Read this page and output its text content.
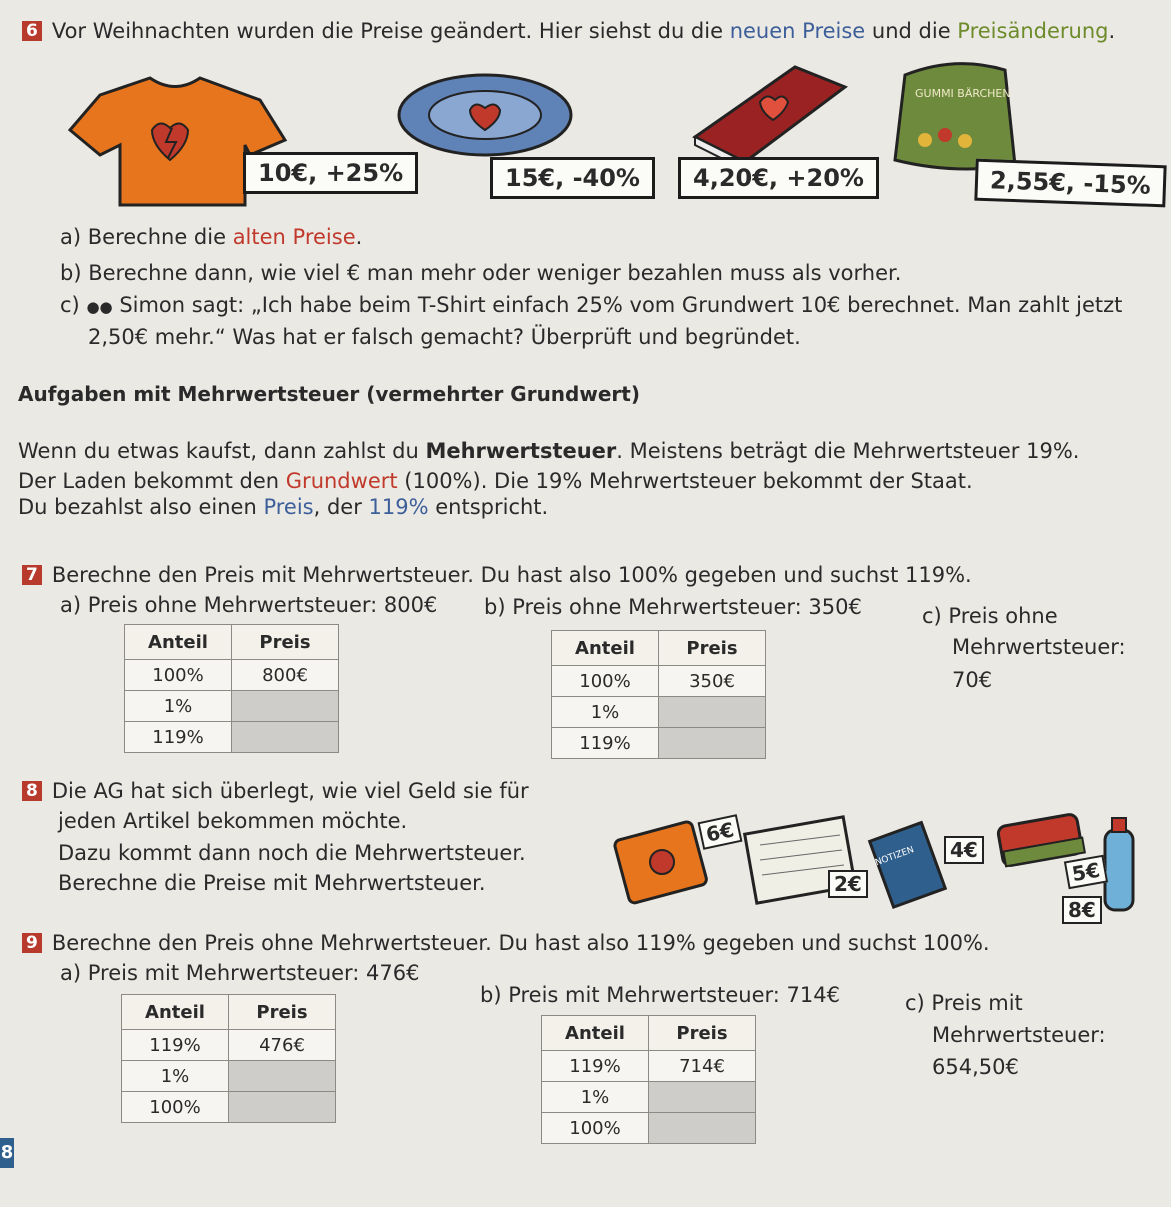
6 Vor Weihnachten wurden die Preise geändert. Hier siehst du die neuen Preise und die Preisänderung.
10€, +25%	15€, -40%	4,20€, +20%
GUMMI BÄRCHEN
2,55€, -15%
a) Berechne die alten Preise.
b) Berechne dann, wie viel € man mehr oder weniger bezahlen muss als vorher.
c) ●● Simon sagt: „Ich habe beim T-Shirt einfach 25% vom Grundwert 10€ berechnet. Man zahlt jetzt
2,50€ mehr.“ Was hat er falsch gemacht? Überprüft und begründet.
Aufgaben mit Mehrwertsteuer (vermehrter Grundwert)
Wenn du etwas kaufst, dann zahlst du Mehrwertsteuer. Meistens beträgt die Mehrwertsteuer 19%.
Der Laden bekommt den Grundwert (100%). Die 19% Mehrwertsteuer bekommt der Staat.
Du bezahlst also einen Preis, der 119% entspricht.
7 Berechne den Preis mit Mehrwertsteuer. Du hast also 100% gegeben und suchst 119%.
a) Preis ohne Mehrwertsteuer: 800€ b) Preis ohne Mehrwertsteuer: 350€	c) Preis ohne
Mehrwertsteuer:
70€
Anteil	Preis
100%	800€
1%	
119%	
Anteil	Preis
100%	350€
1%	
119%	
8 Die AG hat sich überlegt, wie viel Geld sie für
jeden Artikel bekommen möchte.
Dazu kommt dann noch die Mehrwertsteuer.
Berechne die Preise mit Mehrwertsteuer.
NOTIZEN
6€
2€
4€
5€
8€
9 Berechne den Preis ohne Mehrwertsteuer. Du hast also 119% gegeben und suchst 100%.
a) Preis mit Mehrwertsteuer: 476€
b) Preis mit Mehrwertsteuer: 714€	c) Preis mit
Mehrwertsteuer:
654,50€
Anteil	Preis
119%	476€
1%	
100%	
Anteil	Preis
119%	714€
1%	
100%	
8
